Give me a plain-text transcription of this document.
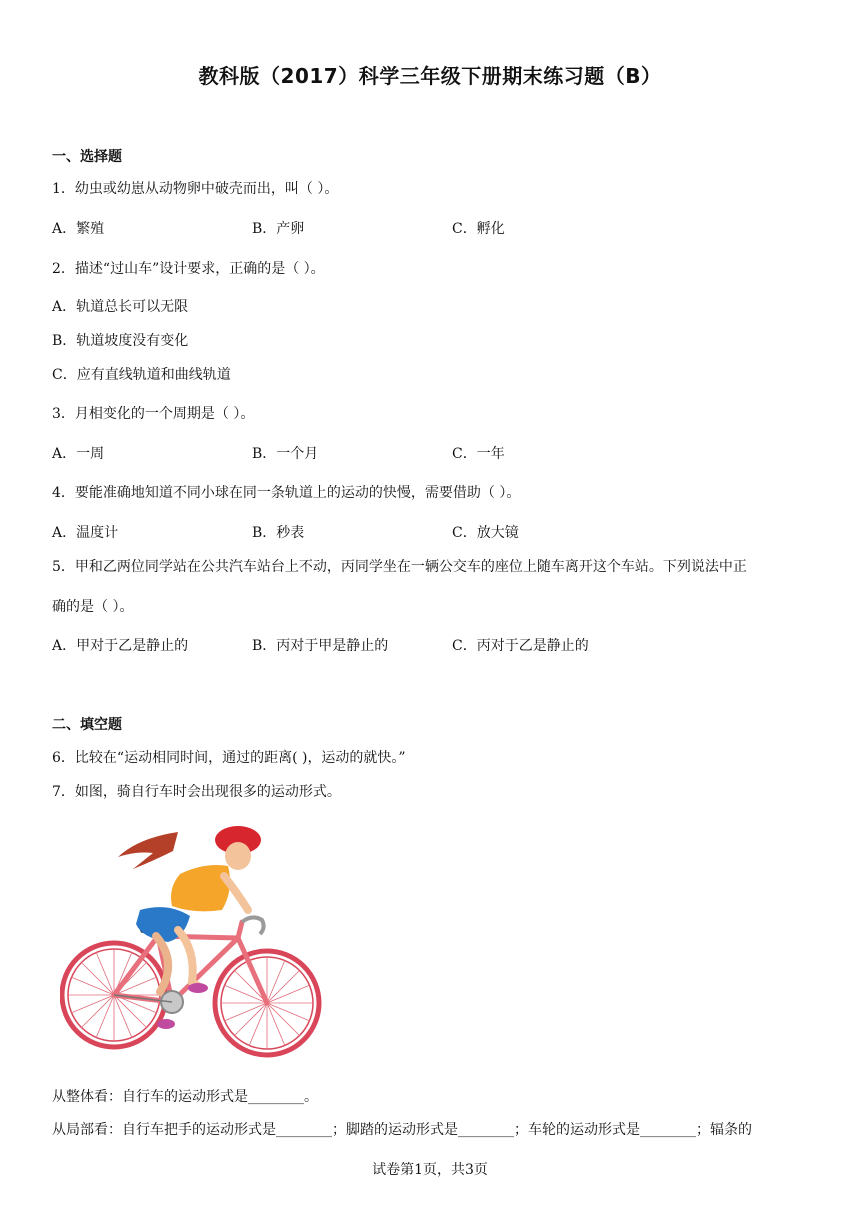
教科版（2017）科学三年级下册期末练习题（B）
一、选择题
1．幼虫或幼崽从动物卵中破壳而出，叫（ ）。
A．繁殖	B．产卵	C．孵化
2．描述“过山车”设计要求，正确的是（ ）。
A．轨道总长可以无限
B．轨道坡度没有变化
C．应有直线轨道和曲线轨道
3．月相变化的一个周期是（ ）。
A．一周	B．一个月	C．一年
4．要能准确地知道不同小球在同一条轨道上的运动的快慢，需要借助（ ）。
A．温度计	B．秒表	C．放大镜
5．甲和乙两位同学站在公共汽车站台上不动，丙同学坐在一辆公交车的座位上随车离开这个车站。下列说法中正
确的是（ ）。
A．甲对于乙是静止的	B．丙对于甲是静止的	C．丙对于乙是静止的
二、填空题
6．比较在“运动相同时间，通过的距离( )，运动的就快。”
7．如图，骑自行车时会出现很多的运动形式。
从整体看：自行车的运动形式是________。
从局部看：自行车把手的运动形式是________；脚踏的运动形式是________；车轮的运动形式是________；辐条的
试卷第1页，共3页
